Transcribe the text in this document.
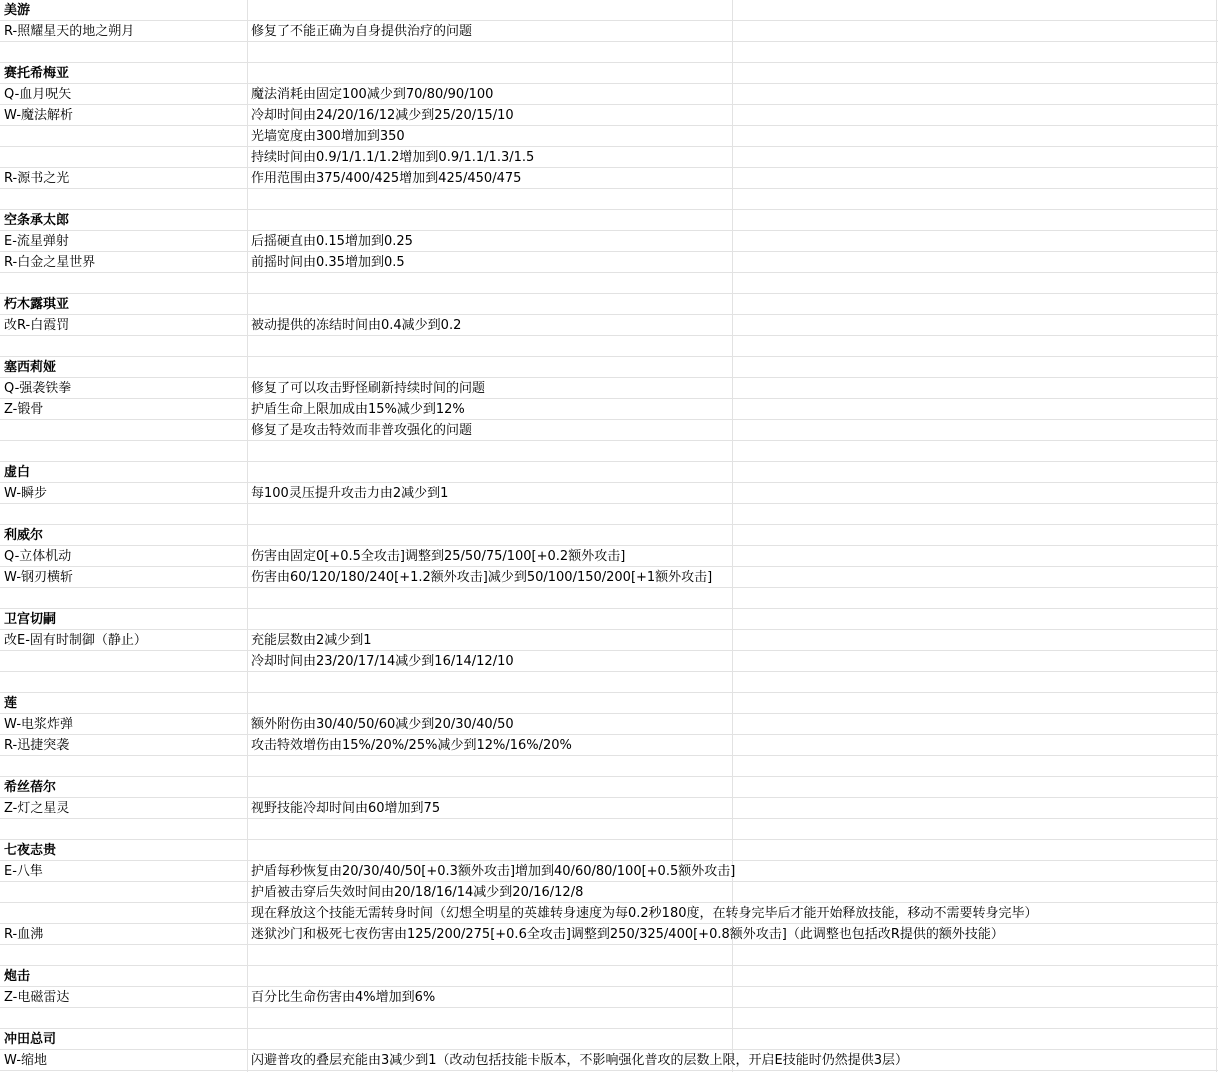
美游
R-照耀星天的地之朔月	修复了不能正确为自身提供治疗的问题
赛托希梅亚
Q-血月呪矢	魔法消耗由固定100减少到70/80/90/100
W-魔法解析	冷却时间由24/20/16/12减少到25/20/15/10
光墙宽度由300增加到350
持续时间由0.9/1/1.1/1.2增加到0.9/1.1/1.3/1.5
R-源书之光	作用范围由375/400/425增加到425/450/475
空条承太郎
E-流星弹射	后摇硬直由0.15增加到0.25
R-白金之星世界	前摇时间由0.35增加到0.5
朽木露琪亚
改R-白霞罚	被动提供的冻结时间由0.4减少到0.2
塞西莉娅
Q-强袭铁拳	修复了可以攻击野怪刷新持续时间的问题
Z-锻骨	护盾生命上限加成由15%减少到12%
修复了是攻击特效而非普攻强化的问题
虚白
W-瞬步	每100灵压提升攻击力由2减少到1
利威尔
Q-立体机动	伤害由固定0[+0.5全攻击]调整到25/50/75/100[+0.2额外攻击]
W-钢刃横斩	伤害由60/120/180/240[+1.2额外攻击]减少到50/100/150/200[+1额外攻击]
卫宫切嗣
改E-固有时制御（静止）	充能层数由2减少到1
冷却时间由23/20/17/14减少到16/14/12/10
莲
W-电浆炸弹	额外附伤由30/40/50/60减少到20/30/40/50
R-迅捷突袭	攻击特效增伤由15%/20%/25%减少到12%/16%/20%
希丝蓓尔
Z-灯之星灵	视野技能冷却时间由60增加到75
七夜志贵
E-八隼	护盾每秒恢复由20/30/40/50[+0.3额外攻击]增加到40/60/80/100[+0.5额外攻击]
护盾被击穿后失效时间由20/18/16/14减少到20/16/12/8
现在释放这个技能无需转身时间（幻想全明星的英雄转身速度为每0.2秒180度，在转身完毕后才能开始释放技能，移动不需要转身完毕）
R-血沸	迷狱沙门和极死七夜伤害由125/200/275[+0.6全攻击]调整到250/325/400[+0.8额外攻击]（此调整也包括改R提供的额外技能）
炮击
Z-电磁雷达	百分比生命伤害由4%增加到6%
冲田总司
W-缩地	闪避普攻的叠层充能由3减少到1（改动包括技能卡版本，不影响强化普攻的层数上限，开启E技能时仍然提供3层）
